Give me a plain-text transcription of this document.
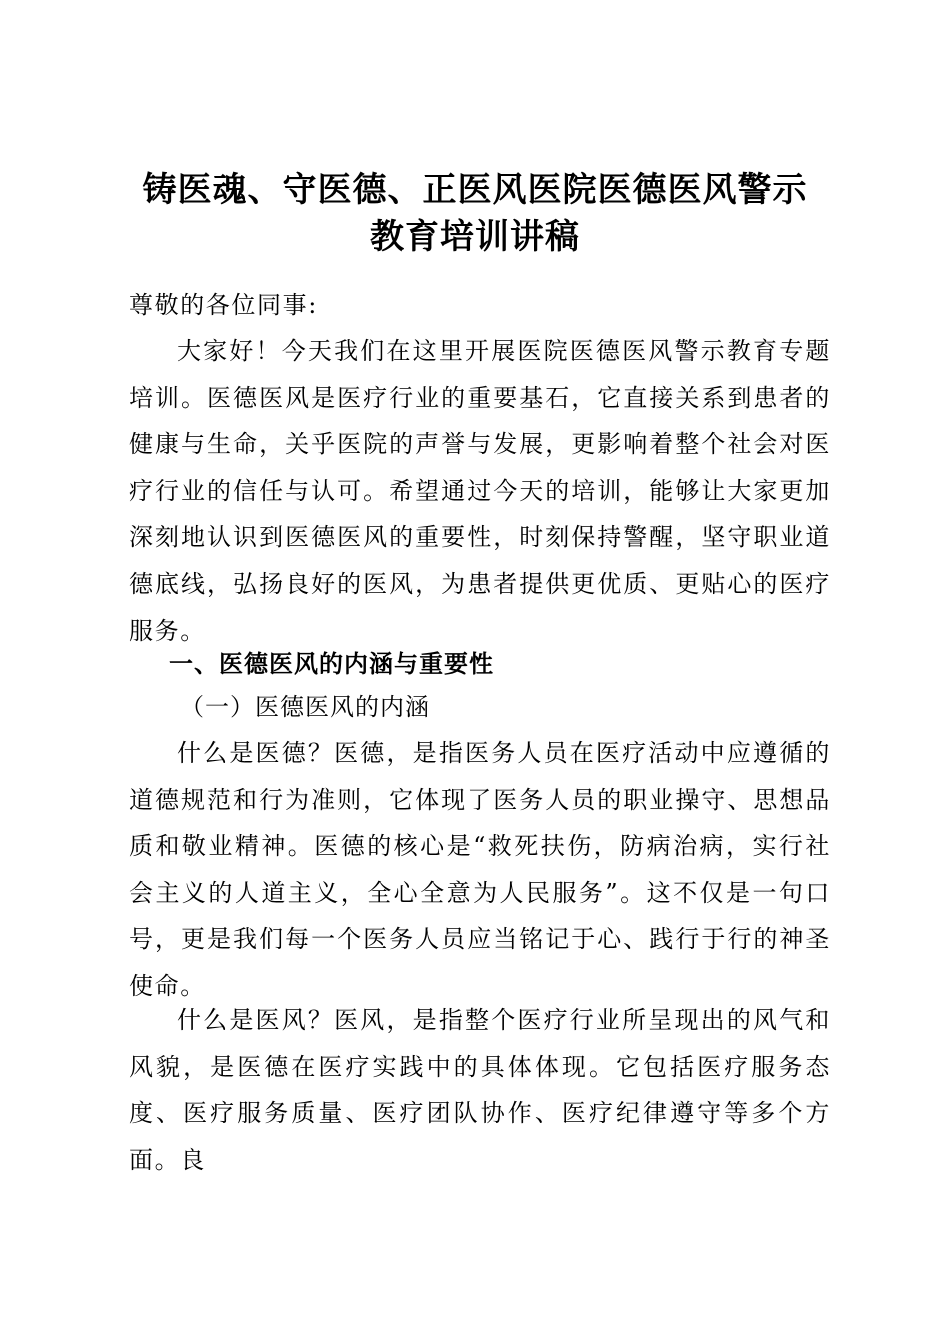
铸医魂、守医德、正医风医院医德医风警示
教育培训讲稿
尊敬的各位同事:
大家好！今天我们在这里开展医院医德医风警示教育专题培训。医德医风是医疗行业的重要基石，它直接关系到患者的健康与生命，关乎医院的声誉与发展，更影响着整个社会对医疗行业的信任与认可。希望通过今天的培训，能够让大家更加深刻地认识到医德医风的重要性，时刻保持警醒，坚守职业道德底线，弘扬良好的医风，为患者提供更优质、更贴心的医疗服务。
一、医德医风的内涵与重要性
（一）医德医风的内涵
什么是医德？医德，是指医务人员在医疗活动中应遵循的道德规范和行为准则，它体现了医务人员的职业操守、思想品质和敬业精神。医德的核心是“救死扶伤，防病治病，实行社会主义的人道主义，全心全意为人民服务”。这不仅是一句口号，更是我们每一个医务人员应当铭记于心、践行于行的神圣使命。
什么是医风？医风，是指整个医疗行业所呈现出的风气和风貌，是医德在医疗实践中的具体体现。它包括医疗服务态度、医疗服务质量、医疗团队协作、医疗纪律遵守等多个方面。良
